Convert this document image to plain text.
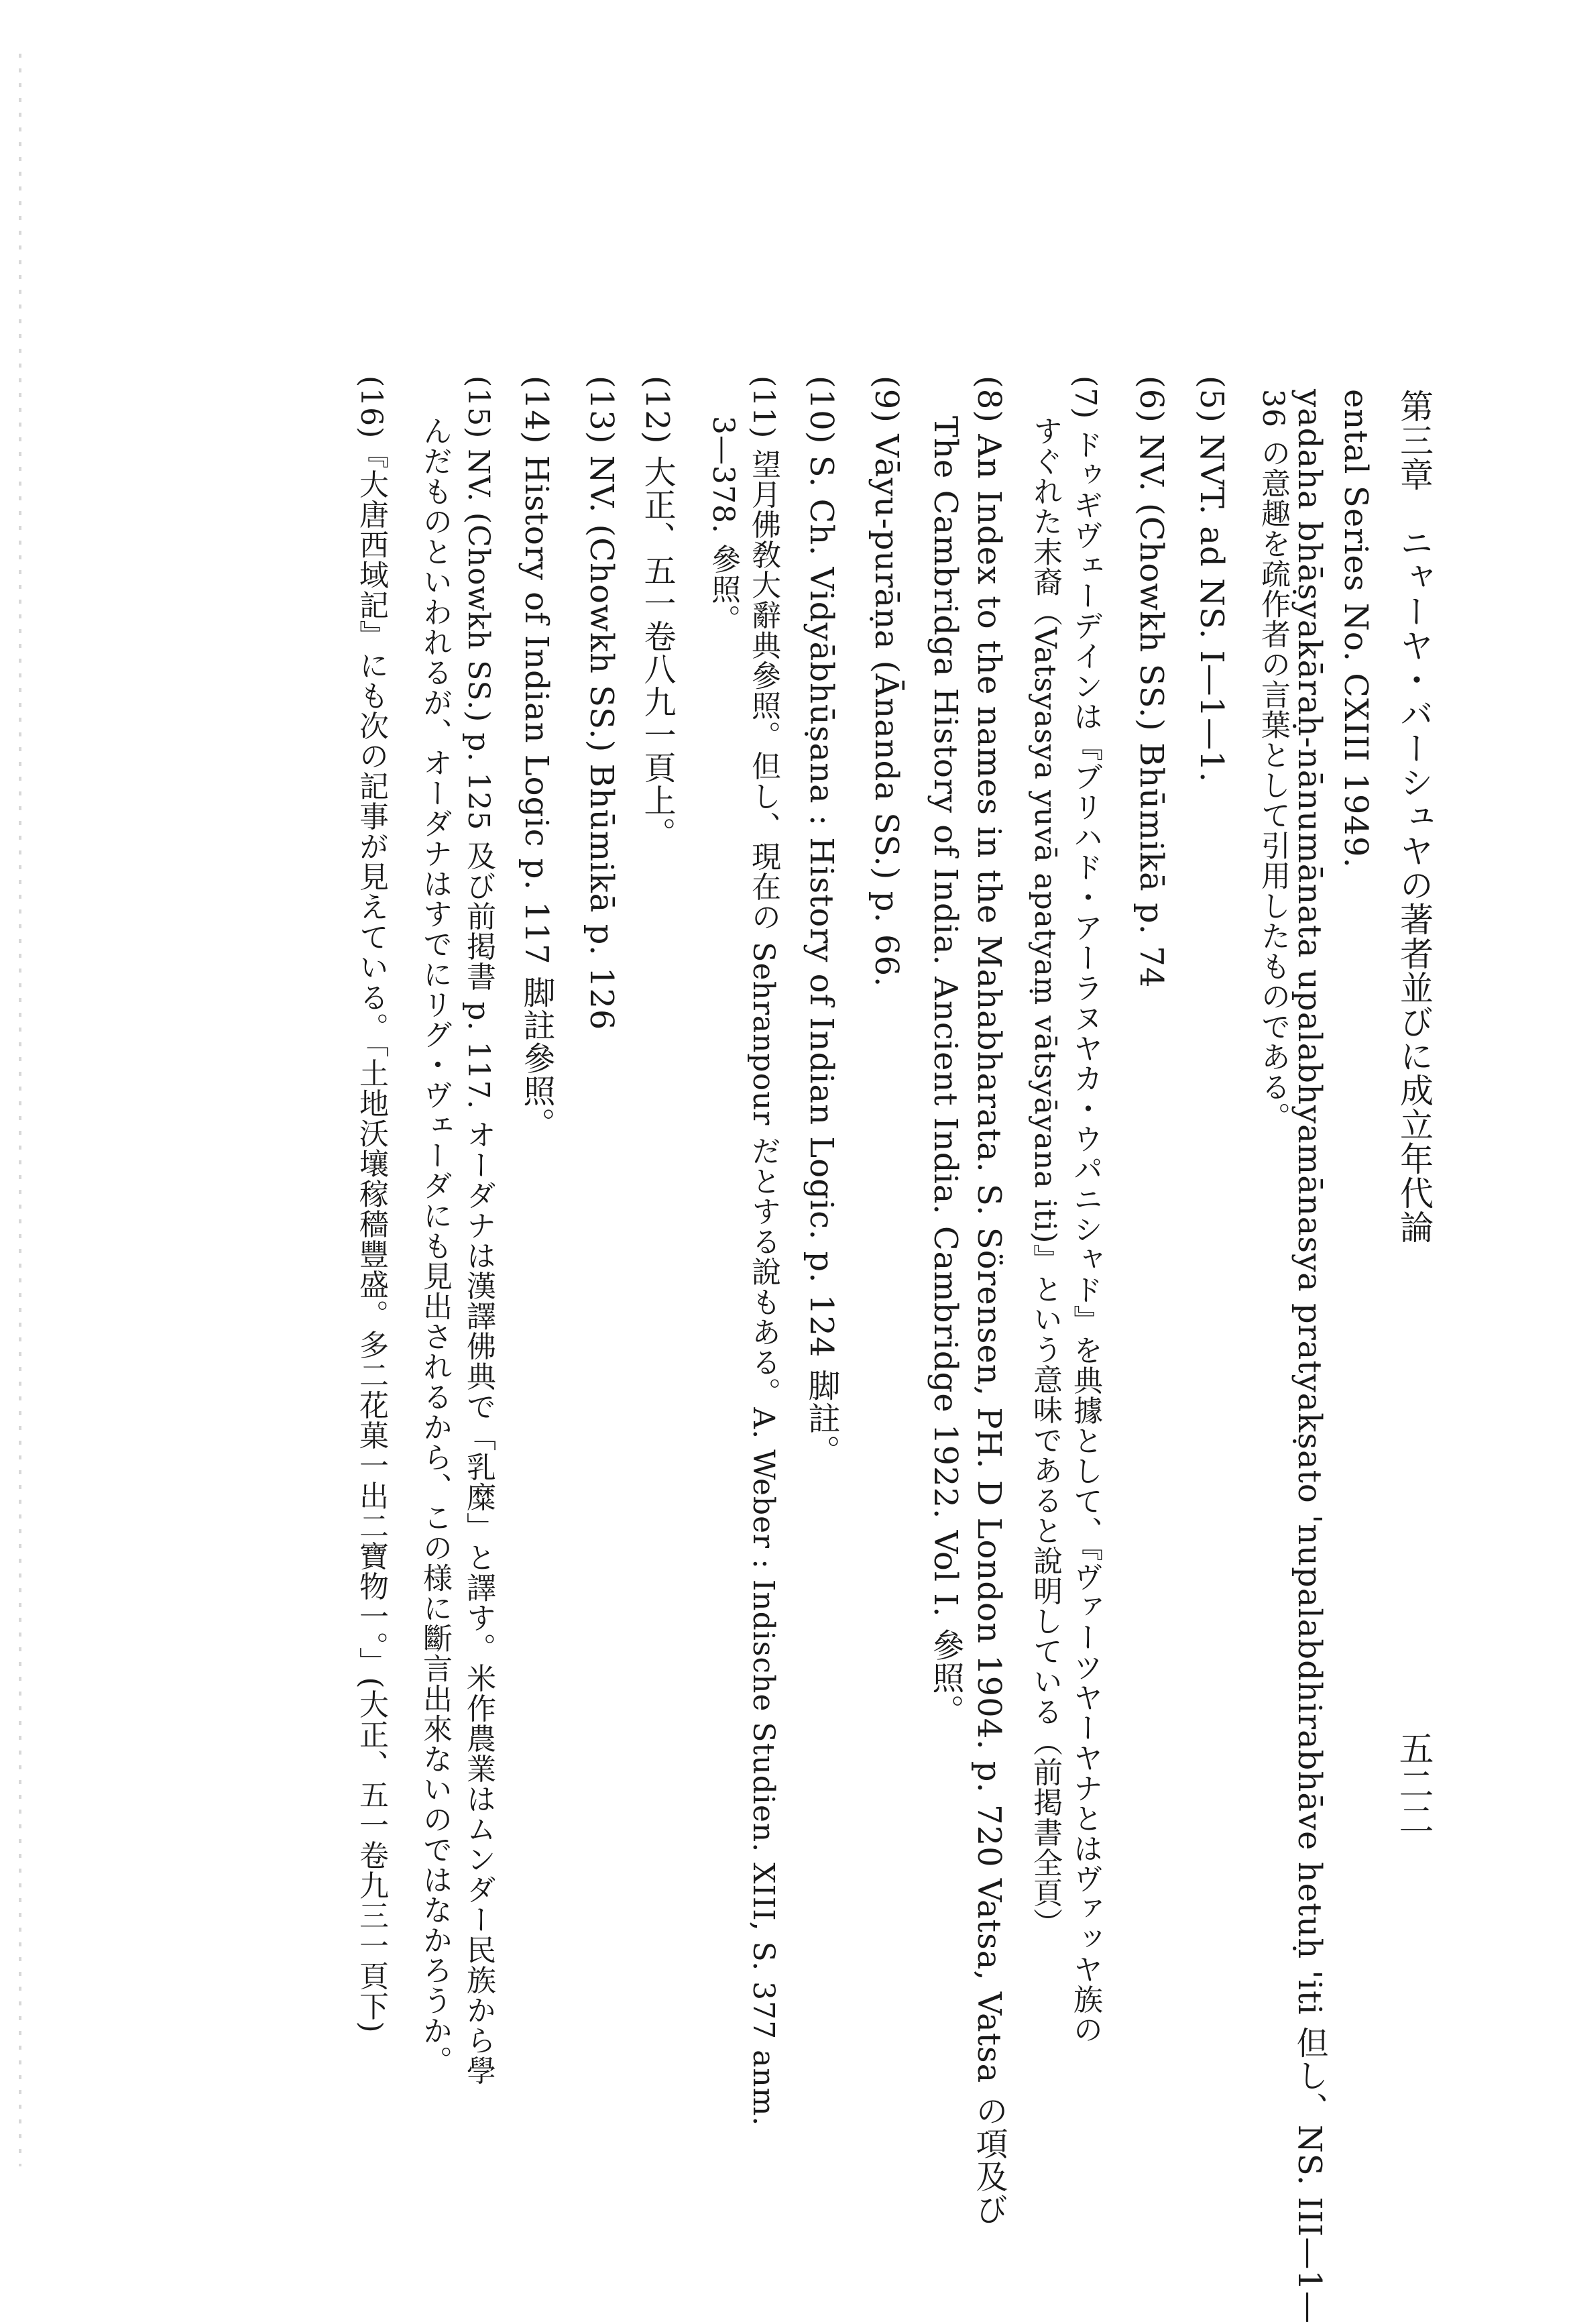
第三章　ニャーヤ・バーシュヤの著者並びに成立年代論
五二二
ental Series No. CXIII 1949.
yadaha bhāṣyakāraḥ-nānumānata upalabhyamānasya pratyakṣato 'nupalabdhirabhāve hetuḥ 'iti 但し、NS. III—1—
36 の意趣を疏作者の言葉として引用したものである。
(5) NVT. ad NS. I—1—1.
(6) NV. (Chowkh SS.) Bhūmikā p. 74
(7) ドゥギヴェーデインは『ブリハド・アーラヌヤカ・ウパニシャド』を典據として、『ヴァーツヤーヤナとはヴァッヤ族の
すぐれた末裔（Vatsyasya yuvā apatyaṃ vātsyāyana iti)』という意味であると說明している（前掲書全頁）
(8) An Index to the names in the Mahabharata. S. Sörensen, PH. D London 1904. p. 720 Vatsa, Vatsa の項及び
The Cambridga History of India. Ancient India. Cambridge 1922. Vol I. 參照。
(9) Vāyu-purāṇa (Ānanda SS.) p. 66.
(10) S. Ch. Vidyābhūṣana : History of Indian Logic. p. 124 脚註。
(11) 望月佛敎大辭典參照。但し、現在の Sehranpour だとする說もある。A. Weber : Indische Studien. XIII, S. 377 anm.
3—378. 參照。
(12) 大正、五一卷八九一頁上。
(13) NV. (Chowkh SS.) Bhūmikā p. 126
(14) History of Indian Logic p. 117 脚註參照。
(15) NV. (Chowkh SS.) p. 125 及び前掲書 p. 117. オーダナは漢譯佛典で「乳糜」と譯す。米作農業はムンダー民族から學
んだものといわれるが、オーダナはすでにリグ・ヴェーダにも見出されるから、この様に斷言出來ないのではなかろうか。
(16)『大唐西域記』にも次の記事が見えている。「土地沃壤稼穡豐盛。多二花菓一出二寶物一。」(大正、五一卷九三一頁下)
